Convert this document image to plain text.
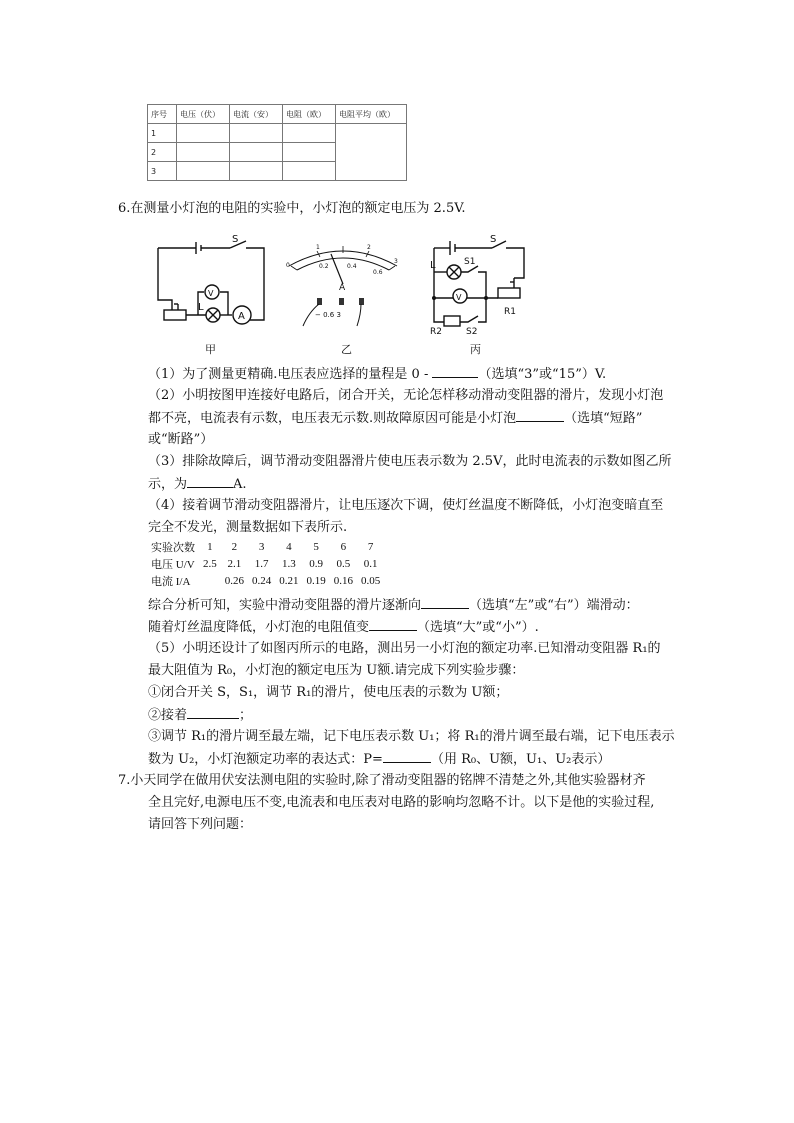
序号	电压（伏）	电流（安）	电阻（欧）	电阻平均（欧）
1				
2				
3				
6.在测量小灯泡的电阻的实验中，小灯泡的额定电压为 2.5V.
S
V
L
A
甲
0
1	2
3
0.2	0.4
0.6
A
− 0.6 3
乙
S
L	S1
V
R1
R2	S2
丙
（1）为了测量更精确.电压表应选择的量程是 0 -	（选填“3”或“15”）V.
（2）小明按图甲连接好电路后，闭合开关，无论怎样移动滑动变阻器的滑片，发现小灯泡
都不亮，电流表有示数，电压表无示数.则故障原因可能是小灯泡	（选填“短路”
或“断路”）
（3）排除故障后，调节滑动变阻器滑片使电压表示数为 2.5V，此时电流表的示数如图乙所
示，为	A.
（4）接着调节滑动变阻器滑片，让电压逐次下调，使灯丝温度不断降低，小灯泡变暗直至
完全不发光，测量数据如下表所示.
实验次数	1	2	3	4	5	6	7
电压 U/V	2.5	2.1	1.7	1.3	0.9	0.5	0.1
电流 I/A		0.26	0.24	0.21	0.19	0.16	0.05
综合分析可知，实验中滑动变阻器的滑片逐渐向	（选填“左”或“右”）端滑动：
随着灯丝温度降低，小灯泡的电阻值变	（选填“大”或“小”）.
（5）小明还设计了如图丙所示的电路，测出另一小灯泡的额定功率.已知滑动变阻器 R₁的
最大阻值为 R₀，小灯泡的额定电压为 U额.请完成下列实验步骤：
①闭合开关 S，S₁，调节 R₁的滑片，使电压表的示数为 U额；
②接着	；
③调节 R₁的滑片调至最左端，记下电压表示数 U₁；将 R₁的滑片调至最右端，记下电压表示
数为 U₂，小灯泡额定功率的表达式：P=	（用 R₀、U额，U₁、U₂表示）
7.小天同学在做用伏安法测电阻的实验时,除了滑动变阻器的铭牌不清楚之外,其他实验器材齐
全且完好,电源电压不变,电流表和电压表对电路的影响均忽略不计。以下是他的实验过程,
请回答下列问题：
